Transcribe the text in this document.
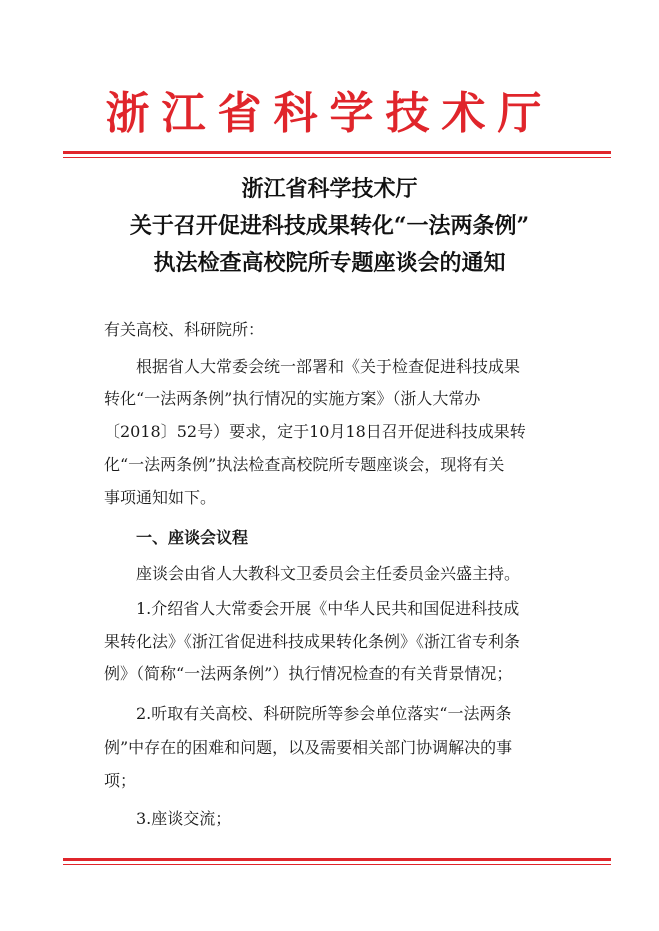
浙江省科学技术厅
浙江省科学技术厅
关于召开促进科技成果转化“一法两条例”
执法检查高校院所专题座谈会的通知
有关高校、科研院所：
根据省人大常委会统一部署和《关于检查促进科技成果
转化“一法两条例”执行情况的实施方案》（浙人大常办
〔2018〕52号）要求，定于10月18日召开促进科技成果转
化“一法两条例”执法检查高校院所专题座谈会，现将有关
事项通知如下。
一、座谈会议程
座谈会由省人大教科文卫委员会主任委员金兴盛主持。
1.介绍省人大常委会开展《中华人民共和国促进科技成
果转化法》《浙江省促进科技成果转化条例》《浙江省专利条
例》（简称“一法两条例”）执行情况检查的有关背景情况；
2.听取有关高校、科研院所等参会单位落实“一法两条
例”中存在的困难和问题，以及需要相关部门协调解决的事
项；
3.座谈交流；
